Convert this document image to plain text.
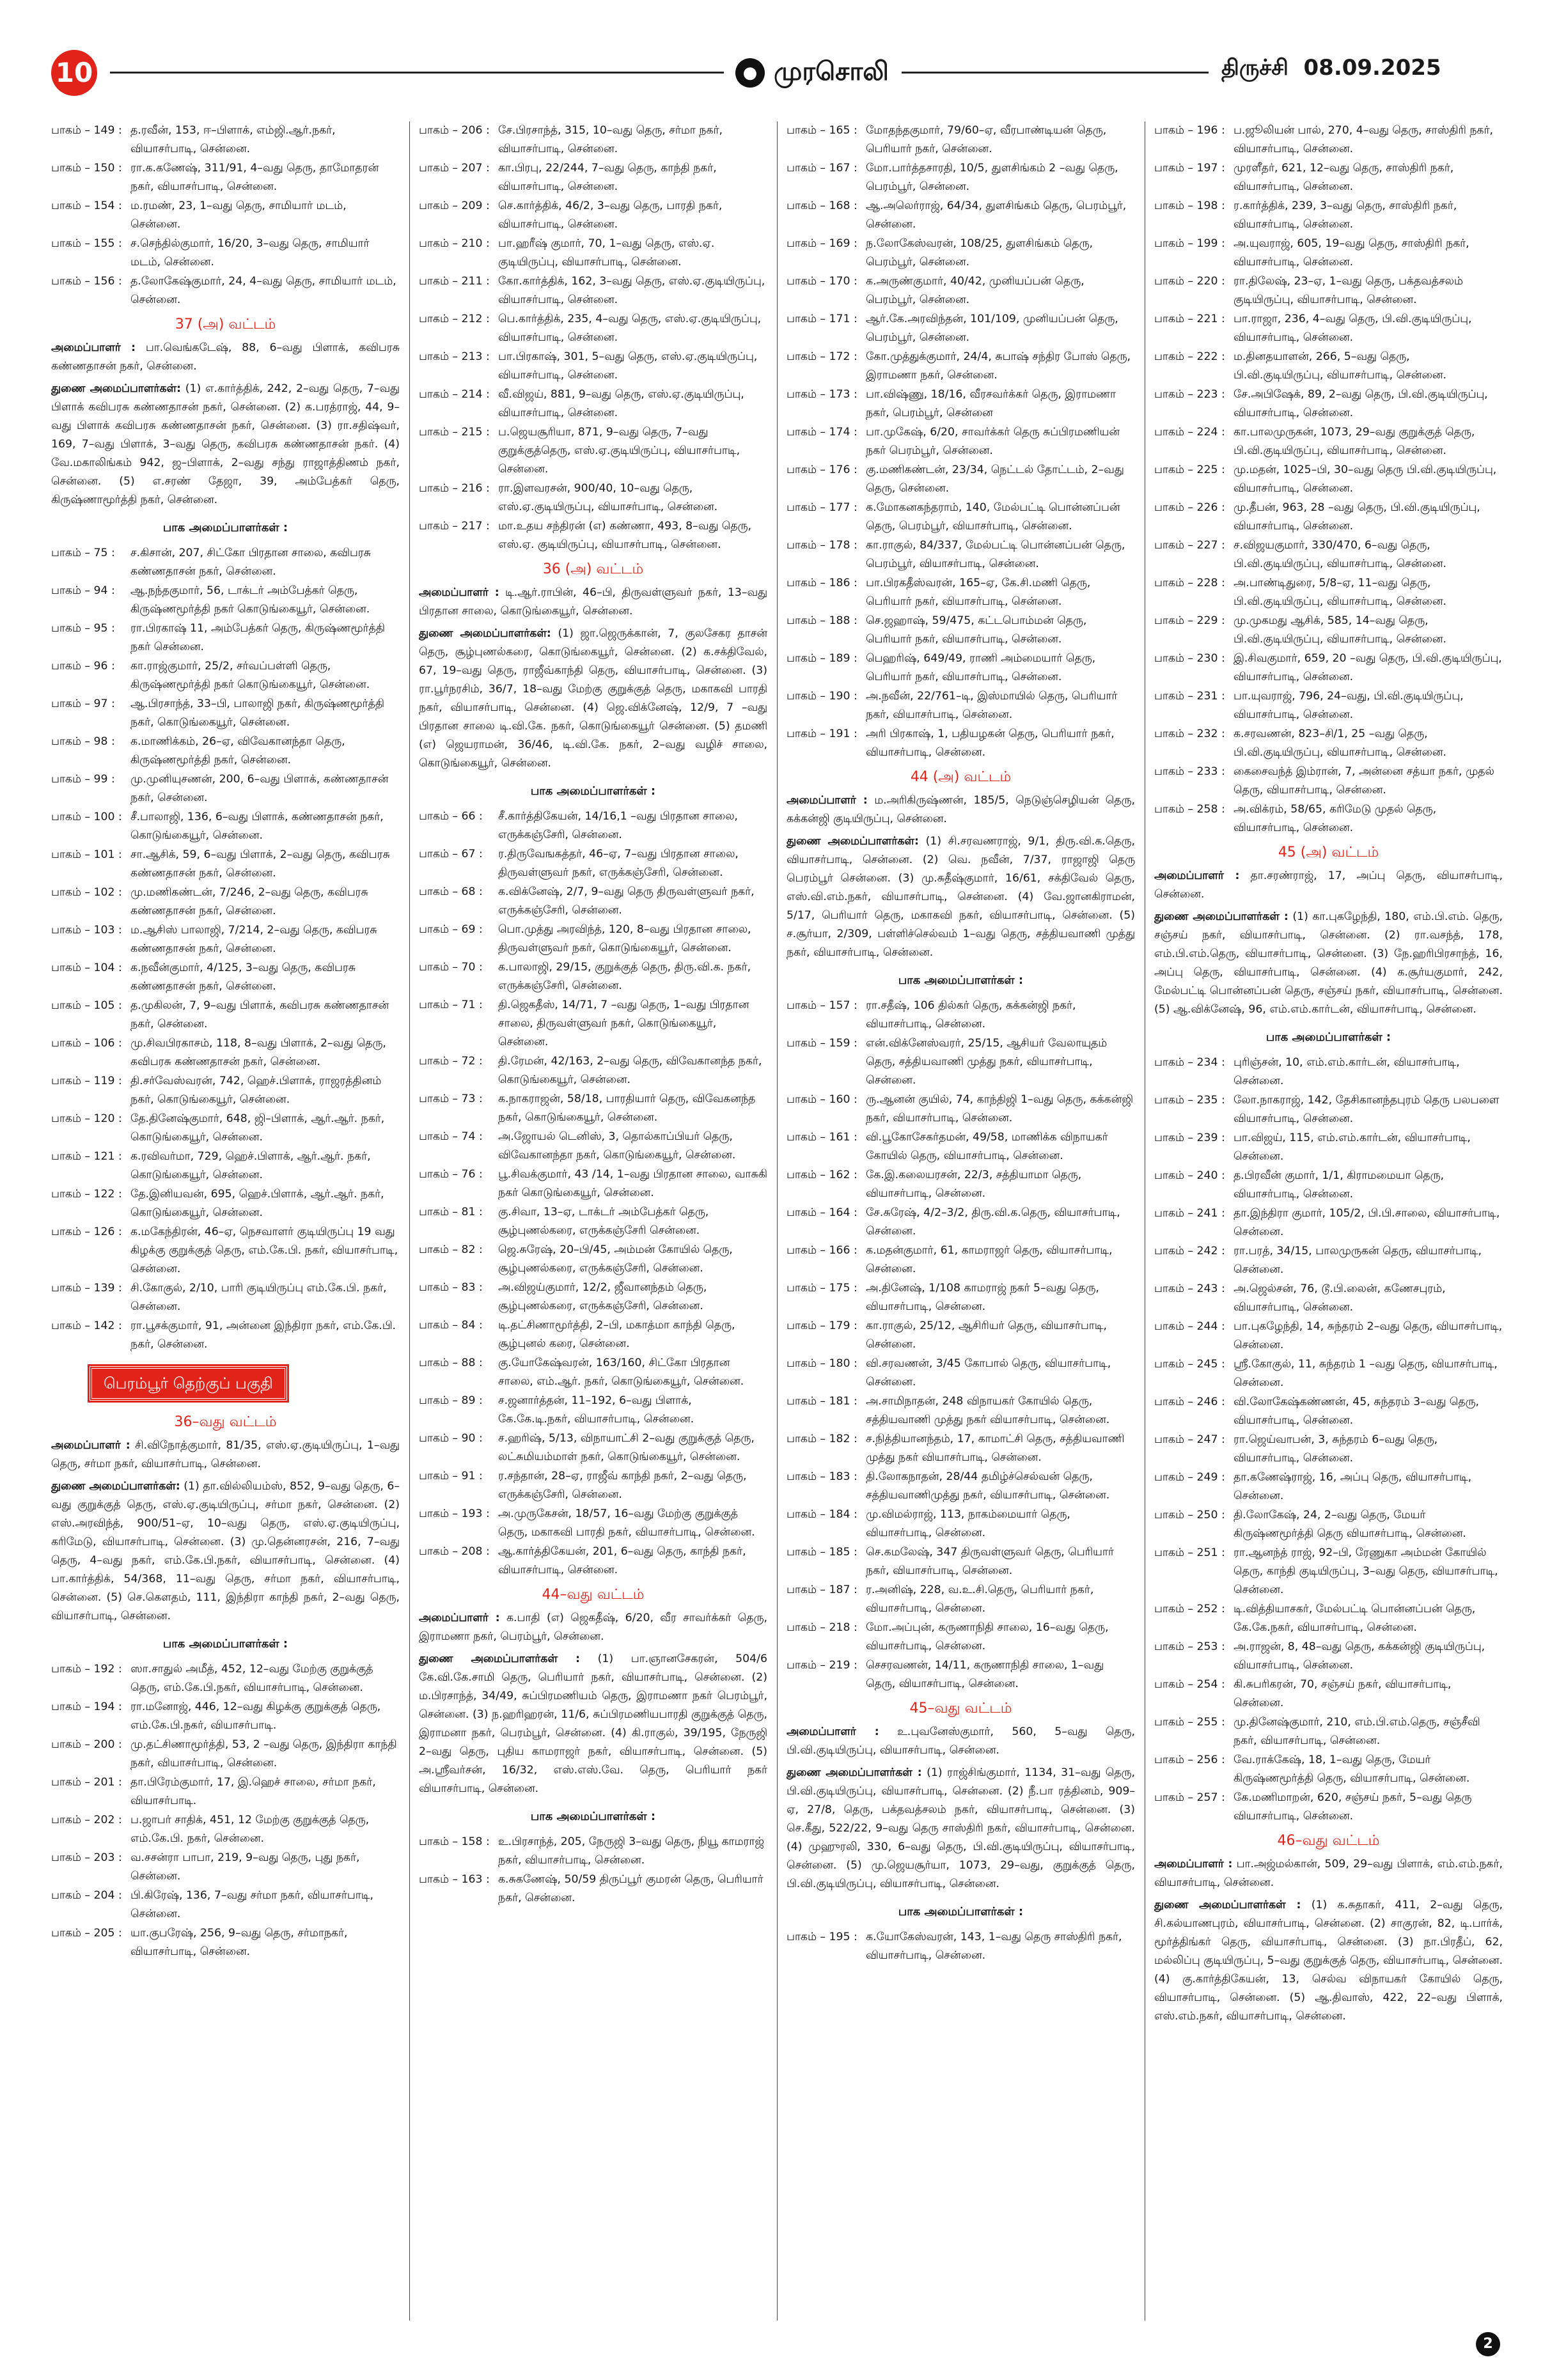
10	● முரசொலி	திருச்சி 08.09.2025
பாகம் – 149 : த.ரவீன், 153, ஈ–பிளாக், எம்ஜி.ஆர்.நகர், வியாசர்பாடி, சென்னை.
பாகம் – 150 : ரா.க.கணேஷ், 311/91, 4–வது தெரு, தாமோதரன் நகர், வியாசர்பாடி, சென்னை.
பாகம் – 154 : ம.ரமண், 23, 1–வது தெரு, சாமியார் மடம், சென்னை.
பாகம் – 155 : ச.செந்தில்குமார், 16/20, 3–வது தெரு, சாமியார் மடம், சென்னை.
பாகம் – 156 : த.லோகேஷ்குமார், 24, 4–வது தெரு, சாமியார் மடம், சென்னை.
37 (அ) வட்டம்
அமைப்பாளர் : பா.வெங்கடேஷ், 88, 6–வது பிளாக், கவிபரசு கண்ணதாசன் நகர், சென்னை.
துணை அமைப்பாளர்கள்: (1) எ.கார்த்திக், 242, 2–வது தெரு, 7–வது பிளாக் கவிபரசு கண்ணதாசன் நகர், சென்னை. (2) க.பரத்ராஜ், 44, 9–வது பிளாக் கவிபரசு கண்ணதாசன் நகர், சென்னை. (3) ரா.சதிஷ்வர், 169, 7–வது பிளாக், 3–வது தெரு, கவிபரசு கண்ணதாசன் நகர். (4) வே.மகாலிங்கம் 942, ஜ–பிளாக், 2–வது சந்து ராஜாத்திணம் நகர், சென்னை. (5) எ.சரண் தேஜா, 39, அம்பேத்கர் தெரு, கிருஷ்ணாமூர்த்தி நகர், சென்னை.
பாக அமைப்பாளர்கள் :
பாகம் – 75 :	ச.கிசான், 207, சிட்கோ பிரதான சாலை, கவிபரசு கண்ணதாசன் நகர், சென்னை.
பாகம் – 94 :	ஆ.நந்தகுமார், 56, டாக்டர் அம்பேத்கர் தெரு, கிருஷ்ணமூர்த்தி நகர் கொடுங்கையூர், சென்னை.
பாகம் – 95 :	ரா.பிரகாஷ் 11, அம்பேத்கர் தெரு, கிருஷ்ணமூர்த்தி நகர் சென்னை.
பாகம் – 96 :	கா.ராஜ்குமார், 25/2, சர்வப்பள்ளி தெரு, கிருஷ்ணமூர்த்தி நகர் கொடுங்கையூர், சென்னை.
பாகம் – 97 :	ஆ.பிரசாந்த், 33–பி, பாலாஜி நகர், கிருஷ்ணமூர்த்தி நகர், கொடுங்கையூர், சென்னை.
பாகம் – 98 :	க.மாணிக்கம், 26–ஏ, விவேகானந்தா தெரு, கிருஷ்ணமூர்த்தி நகர், சென்னை.
பாகம் – 99 :	மு.முனியுசணன், 200, 6–வது பிளாக், கண்ணதாசன் நகர், சென்னை.
பாகம் – 100 : சீ.பாலாஜி, 136, 6–வது பிளாக், கண்ணதாசன் நகர், கொடுங்கையூர், சென்னை.
பாகம் – 101 : சா.ஆசிக், 59, 6–வது பிளாக், 2–வது தெரு, கவிபரசு கண்ணதாசன் நகர், சென்னை.
பாகம் – 102 : மு.மணிகண்டன், 7/246, 2–வது தெரு, கவிபரசு கண்ணதாசன் நகர், சென்னை.
பாகம் – 103 : ம.ஆசிஸ் பாலாஜி, 7/214, 2–வது தெரு, கவிபரசு கண்ணதாசன் நகர், சென்னை.
பாகம் – 104 : க.நவீன்குமார், 4/125, 3–வது தெரு, கவிபரசு கண்ணதாசன் நகர், சென்னை.
பாகம் – 105 : த.முகிலன், 7, 9–வது பிளாக், கவிபரசு கண்ணதாசன் நகர், சென்னை.
பாகம் – 106 : மு.சிவபிரகாசம், 118, 8–வது பிளாக், 2–வது தெரு, கவிபரசு கண்ணதாசன் நகர், சென்னை.
பாகம் – 119 : தி.சர்வேஸ்வரன், 742, ஹெச்.பிளாக், ராஜரத்தினம் நகர், கொடுங்கையூர், சென்னை.
பாகம் – 120 : தே.தினேஷ்குமார், 648, ஜி–பிளாக், ஆர்.ஆர். நகர், கொடுங்கையூர், சென்னை.
பாகம் – 121 : க.ரவிவர்மா, 729, ஹெச்.பிளாக், ஆர்.ஆர். நகர், கொடுங்கையூர், சென்னை.
பாகம் – 122 : தே.இனியவன், 695, ஹெச்.பிளாக், ஆர்.ஆர். நகர், கொடுங்கையூர், சென்னை.
பாகம் – 126 : க.மகேந்திரன், 46–ஏ, நெசவாளர் குடியிருப்பு 19 வது கிழக்கு குறுக்குத் தெரு, எம்.கே.பி. நகர், வியாசர்பாடி, சென்னை.
பாகம் – 139 : சி.கோகுல், 2/10, பாரி குடியிருப்பு எம்.கே.பி. நகர், சென்னை.
பாகம் – 142 : ரா.பூசக்குமார், 91, அன்னை இந்திரா நகர், எம்.கே.பி. நகர், சென்னை.
பெரம்பூர் தெற்குப் பகுதி
36–வது வட்டம்
அமைப்பாளர் : சி.விநோத்குமார், 81/35, எஸ்.ஏ.குடியிருப்பு, 1–வது தெரு, சர்மா நகர், வியாசர்பாடி, சென்னை.
துணை அமைப்பாளர்கள்: (1) தா.வில்லியம்ஸ், 852, 9–வது தெரு, 6–வது குறுக்குத் தெரு, எஸ்.ஏ.குடியிருப்பு, சர்மா நகர், சென்னை. (2) எஸ்.அரவிந்த், 900/51–ஏ, 10–வது தெரு, எஸ்.ஏ.குடியிருப்பு, கரிமேடு, வியாசர்பாடி, சென்னை. (3) மு.தென்னரசன், 216, 7–வது தெரு, 4–வது நகர், எம்.கே.பி.நகர், வியாசர்பாடி, சென்னை. (4) பா.கார்த்திக், 54/368, 11–வது தெரு, சர்மா நகர், வியாசர்பாடி, சென்னை. (5) செ.கௌதம், 111, இந்திரா காந்தி நகர், 2–வது தெரு, வியாசர்பாடி, சென்னை.
பாக அமைப்பாளர்கள் :
பாகம் – 192 : ஸா.சாதுல் அமீத், 452, 12–வது மேற்கு குறுக்குத் தெரு, எம்.கே.பி.நகர், வியாசர்பாடி, சென்னை.
பாகம் – 194 : ரா.மனோஜ், 446, 12–வது கிழக்கு குறுக்குத் தெரு, எம்.கே.பி.நகர், வியாசர்பாடி.
பாகம் – 200 : மு.தட்சிணாமூர்த்தி, 53, 2 –வது தெரு, இந்திரா காந்தி நகர், வியாசர்பாடி, சென்னை.
பாகம் – 201 : தா.பிரேம்குமார், 17, இ.ஹெச் சாலை, சர்மா நகர், வியாசர்பாடி.
பாகம் – 202 : ப.ஜாபர் சாதிக், 451, 12 மேற்கு குறுக்குத் தெரு, எம்.கே.பி. நகர், சென்னை.
பாகம் – 203 : வ.சசன்ரா பாபா, 219, 9–வது தெரு, புது நகர், சென்னை.
பாகம் – 204 : பி.கிரேஷ், 136, 7–வது சர்மா நகர், வியாசர்பாடி, சென்னை.
பாகம் – 205 : யா.குபரேஷ், 256, 9–வது தெரு, சர்மாநகர், வியாசர்பாடி, சென்னை.
பாகம் – 206 : சே.பிரசாந்த், 315, 10–வது தெரு, சர்மா நகர், வியாசர்பாடி, சென்னை.
பாகம் – 207 : கா.பிரபு, 22/244, 7–வது தெரு, காந்தி நகர், வியாசர்பாடி, சென்னை.
பாகம் – 209 : செ.கார்த்திக், 46/2, 3–வது தெரு, பாரதி நகர், வியாசர்பாடி, சென்னை.
பாகம் – 210 : பா.ஹரீஷ் குமார், 70, 1–வது தெரு, எஸ்.ஏ. குடியிருப்பு, வியாசர்பாடி, சென்னை.
பாகம் – 211 : கோ.கார்த்திக், 162, 3–வது தெரு, எஸ்.ஏ.குடியிருப்பு, வியாசர்பாடி, சென்னை.
பாகம் – 212 : பெ.கார்த்திக், 235, 4–வது தெரு, எஸ்.ஏ.குடியிருப்பு, வியாசர்பாடி, சென்னை.
பாகம் – 213 : பா.பிரகாஷ், 301, 5–வது தெரு, எஸ்.ஏ.குடியிருப்பு, வியாசர்பாடி, சென்னை.
பாகம் – 214 : வீ.விஜய், 881, 9–வது தெரு, எஸ்.ஏ.குடியிருப்பு, வியாசர்பாடி, சென்னை.
பாகம் – 215 : ப.ஜெயசூரியா, 871, 9–வது தெரு, 7–வது குறுக்குத்தெரு, எஸ்.ஏ.குடியிருப்பு, வியாசர்பாடி, சென்னை.
பாகம் – 216 : ரா.இளவரசன், 900/40, 10–வது தெரு, எஸ்.ஏ.குடியிருப்பு, வியாசர்பாடி, சென்னை.
பாகம் – 217 : மா.உதய சந்திரன் (எ) கண்ணா, 493, 8–வது தெரு, எஸ்.ஏ. குடியிருப்பு, வியாசர்பாடி, சென்னை.
36 (அ) வட்டம்
அமைப்பாளர் : டி.ஆர்.ராபின், 46–பி, திருவள்ளுவர் நகர், 13–வது பிரதான சாலை, கொடுங்கையூர், சென்னை.
துணை அமைப்பாளர்கள்: (1) ஜா.ஜெருக்கான், 7, குலசேகர தாசன் தெரு, சூழ்புணல்கரை, கொடுங்கையூர், சென்னை. (2) க.சக்திவேல், 67, 19–வது தெரு, ராஜீவ்காந்தி தெரு, வியாசர்பாடி, சென்னை. (3) ரா.பூர்நரசிம், 36/7, 18–வது மேற்கு குறுக்குத் தெரு, மகாகவி பாரதி நகர், வியாசர்பாடி, சென்னை. (4) ஜெ.விக்னேஷ், 12/9, 7 –வது பிரதான சாலை டி.வி.கே. நகர், கொடுங்கையூர் சென்னை. (5) தமணி (எ) ஜெயராமன், 36/46, டி.வி.கே. நகர், 2–வது வழிச் சாலை, கொடுங்கையூர், சென்னை.
பாக அமைப்பாளர்கள் :
பாகம் – 66 :	சீ.கார்த்திகேயன், 14/16,1 –வது பிரதான சாலை, எருக்கஞ்சேரி, சென்னை.
பாகம் – 67 :	ர.திருவேஙகத்தர், 46–ஏ, 7–வது பிரதான சாலை, திருவள்ளுவர் நகர், எருக்கஞ்சேரி, சென்னை.
பாகம் – 68 :	க.விக்னேஷ், 2/7, 9–வது தெரு திருவள்ளுவர் நகர், எருக்கஞ்சேரி, சென்னை.
பாகம் – 69 :	பொ.முத்து அரவிந்த், 120, 8–வது பிரதான சாலை, திருவள்ளுவர் நகர், கொடுங்கையூர், சென்னை.
பாகம் – 70 :	க.பாலாஜி, 29/15, குறுக்குத் தெரு, திரு.வி.க. நகர், எருக்கஞ்சேரி, சென்னை.
பாகம் – 71 :	தி.ஜெகதீஸ், 14/71, 7 –வது தெரு, 1–வது பிரதான சாலை, திருவள்ளுவர் நகர், கொடுங்கையூர், சென்னை.
பாகம் – 72 :	தி.ரேமன், 42/163, 2–வது தெரு, விவேகானந்த நகர், கொடுங்கையூர், சென்னை.
பாகம் – 73 :	க.நாகராஜன், 58/18, பாரதியார் தெரு, விவேகனந்த நகர், கொடுங்கையூர், சென்னை.
பாகம் – 74 :	அ.ஜோயல் டெனிஸ், 3, தொல்காப்பியர் தெரு, விவேகானந்தா நகர், கொடுங்கையூர், சென்னை.
பாகம் – 76 :	பூ.சிவக்குமார், 43 /14, 1–வது பிரதான சாலை, வாசுகி நகர் கொடுங்கையூர், சென்னை.
பாகம் – 81 :	கு.சிவா, 13–ஏ, டாக்டர் அம்பேத்கர் தெரு, சூழ்புணல்கரை, எருக்கஞ்சேரி சென்னை.
பாகம் – 82 :	ஜெ.சுரேஷ், 20–பி/45, அம்மன் கோயில் தெரு, சூழ்புணல்கரை, எருக்கஞ்சேரி, சென்னை.
பாகம் – 83 :	அ.விஜய்குமார், 12/2, ஜீவானந்தம் தெரு, சூழ்புணல்கரை, எருக்கஞ்சேரி, சென்னை.
பாகம் – 84 :	டி.தட்சிணாமூர்த்தி, 2–பி, மகாத்மா காந்தி தெரு, சூழ்புனல் கரை, சென்னை.
பாகம் – 88 :	கு.யோகேஷ்வரன், 163/160, சிட்கோ பிரதான சாலை, எம்.ஆர். நகர், கொடுங்கையூர், சென்னை.
பாகம் – 89 :	ச.ஜனார்த்தன், 11–192, 6–வது பிளாக், கே.கே.டி.நகர், வியாசர்பாடி, சென்னை.
பாகம் – 90 :	ச.ஹரிஷ், 5/13, விநாயாட்சி 2–வது குறுக்குத் தெரு, லட்சுமியம்மாள் நகர், கொடுங்கையூர், சென்னை.
பாகம் – 91 :	ர.சந்தான், 28–ஏ, ராஜீவ் காந்தி நகர், 2–வது தெரு, எருக்கஞ்சேரி, சென்னை.
பாகம் – 193 : அ.முருகேசன், 18/57, 16–வது மேற்கு குறுக்குத் தெரு, மகாகவி பாரதி நகர், வியாசர்பாடி, சென்னை.
பாகம் – 208 : ஆ.கார்த்திகேயன், 201, 6–வது தெரு, காந்தி நகர், வியாசர்பாடி, சென்னை.
44–வது வட்டம்
அமைப்பாளர் : க.பாதி (எ) ஜெகதீஷ், 6/20, வீர சாவர்க்கர் தெரு, இராமணா நகர், பெரம்பூர், சென்னை.
துணை அமைப்பாளர்கள் : (1) பா.ஞானசேகரன், 504/6 கே.வி.கே.சாமி தெரு, பெரியார் நகர், வியாசர்பாடி, சென்னை. (2) ம.பிரசாந்த், 34/49, சுப்பிரமணியம் தெரு, இராமணா நகர் பெரம்பூர், சென்னை. (3) ந.ஹரிஹரன், 11/6, சுப்பிரமணியபாரதி குறுக்குத் தெரு, இராமனா நகர், பெரம்பூர், சென்னை. (4) கி.ராகுல், 39/195, நேருஜி 2–வது தெரு, புதிய காமராஜர் நகர், வியாசர்பாடி, சென்னை. (5) அ.ஸ்ரீவர்சன், 16/32, எஸ்.எஸ்.வே. தெரு, பெரியார் நகர் வியாசர்பாடி, சென்னை.
பாக அமைப்பாளர்கள் :
பாகம் – 158 : உ.பிரசாந்த், 205, நேருஜி 3–வது தெரு, நியூ காமராஜ் நகர், வியாசர்பாடி, சென்னை.
பாகம் – 163 : க.சுகணேஷ், 50/59 திருப்பூர் குமரன் தெரு, பெரியார் நகர், சென்னை.
பாகம் – 165 : மோதந்தகுமார், 79/60–ஏ, வீரபாண்டியன் தெரு, பெரியார் நகர், சென்னை.
பாகம் – 167 : மோ.பார்த்தசாரதி, 10/5, துளசிங்கம் 2 –வது தெரு, பெரம்பூர், சென்னை.
பாகம் – 168 : ஆ.அலெர்ராஜ், 64/34, துளசிங்கம் தெரு, பெரம்பூர், சென்னை.
பாகம் – 169 : ந.லோகேஸ்வரன், 108/25, துளசிங்கம் தெரு, பெரம்பூர், சென்னை.
பாகம் – 170 : க.அருண்குமார், 40/42, முனியப்பன் தெரு, பெரம்பூர், சென்னை.
பாகம் – 171 : ஆர்.கே.அரவிந்தன், 101/109, முனியப்பன் தெரு, பெரம்பூர், சென்னை.
பாகம் – 172 : கோ.முத்துக்குமார், 24/4, சுபாஷ் சந்திர போஸ் தெரு, இராமணா நகர், சென்னை.
பாகம் – 173 : பா.விஷ்ணு, 18/16, வீரசவர்க்கர் தெரு, இராமணா நகர், பெரம்பூர், சென்னை
பாகம் – 174 : பா.முகேஷ், 6/20, சாவர்க்கர் தெரு சுப்பிரமணியன் நகர் பெரம்பூர், சென்னை.
பாகம் – 176 : கு.மணிகண்டன், 23/34, நெட்டல் தோட்டம், 2–வது தெரு, சென்னை.
பாகம் – 177 : க.மோகனகந்தராம், 140, மேல்பட்டி பொன்னப்பன் தெரு, பெரம்பூர், வியாசர்பாடி, சென்னை.
பாகம் – 178 : கா.ராகுல், 84/337, மேல்பட்டி பொன்னப்பன் தெரு, பெரம்பூர், வியாசர்பாடி, சென்னை.
பாகம் – 186 : பா.பிரகதீஸ்வரன், 165–ஏ, கே.சி.மணி தெரு, பெரியார் நகர், வியாசர்பாடி, சென்னை.
பாகம் – 188 : செ.ஜஹாஷ், 59/475, கட்டபொம்மன் தெரு, பெரியார் நகர், வியாசர்பாடி, சென்னை.
பாகம் – 189 : பெஹரிஷ், 649/49, ராணி அம்மையார் தெரு, பெரியார் நகர், வியாசர்பாடி, சென்னை.
பாகம் – 190 : அ.நவீன், 22/761–டி, இஸ்மாயில் தெரு, பெரியார் நகர், வியாசர்பாடி, சென்னை.
பாகம் – 191 : அரி பிரகாஷ், 1, பதியழகன் தெரு, பெரியார் நகர், வியாசர்பாடி, சென்னை.
44 (அ) வட்டம்
அமைப்பாளர் : ம.அரிகிருஷ்ணன், 185/5, நெடுஞ்செழியன் தெரு, கக்கன்ஜி குடியிருப்பு, சென்னை.
துணை அமைப்பாளர்கள்: (1) சி.சரவணராஜ், 9/1, திரு.வி.க.தெரு, வியாசர்பாடி, சென்னை. (2) வெ. நவீன், 7/37, ராஜாஜி தெரு பெரம்பூர் சென்னை. (3) மு.சுதீஷ்குமார், 16/61, சக்திவேல் தெரு, எஸ்.வி.எம்.நகர், வியாசர்பாடி, சென்னை. (4) வே.ஜானகிராமன், 5/17, பெரியார் தெரு, மகாகவி நகர், வியாசர்பாடி, சென்னை. (5) ச.சூர்யா, 2/309, பள்ளிச்செல்வம் 1–வது தெரு, சத்தியவாணி முத்து நகர், வியாசர்பாடி, சென்னை.
பாக அமைப்பாளர்கள் :
பாகம் – 157 : ரா.சதீஷ், 106 தில்கர் தெரு, கக்கன்ஜி நகர், வியாசர்பாடி, சென்னை.
பாகம் – 159 : என்.விக்னேஸ்வரர், 25/15, ஆசியர் வேலாயுதம் தெரு, சத்தியவாணி முத்து நகர், வியாசர்பாடி, சென்னை.
பாகம் – 160 : ரு.ஆனன் குயில், 74, காந்திஜி 1–வது தெரு, கக்கன்ஜி நகர், வியாசர்பாடி, சென்னை.
பாகம் – 161 : வி.பூகோசேகர்தமன், 49/58, மாணிக்க விநாயகர் கோயில் தெரு, வியாசர்பாடி, சென்னை.
பாகம் – 162 : கே.இ.கலையரசன், 22/3, சத்தியாமா தெரு, வியாசர்பாடி, சென்னை.
பாகம் – 164 : சே.சுரேஷ், 4/2–3/2, திரு.வி.க.தெரு, வியாசர்பாடி, சென்னை.
பாகம் – 166 : க.மதன்குமார், 61, காமராஜர் தெரு, வியாசர்பாடி, சென்னை.
பாகம் – 175 : அ.தினேஷ், 1/108 காமராஜ் நகர் 5–வது தெரு, வியாசர்பாடி, சென்னை.
பாகம் – 179 : கா.ராகுல், 25/12, ஆசிரியர் தெரு, வியாசர்பாடி, சென்னை.
பாகம் – 180 : வி.சரவணன், 3/45 கோபால் தெரு, வியாசர்பாடி, சென்னை.
பாகம் – 181 : அ.சாமிநாதன், 248 விநாயகர் கோயில் தெரு, சத்தியவாணி முத்து நகர் வியாசர்பாடி, சென்னை.
பாகம் – 182 : ச.நித்தியானந்தம், 17, காமாட்சி தெரு, சத்தியவாணி முத்து நகர் வியாசர்பாடி, சென்னை.
பாகம் – 183 : தி.லோகநாதன், 28/44 தமிழ்ச்செல்வன் தெரு, சத்தியவாணிமுத்து நகர், வியாசர்பாடி, சென்னை.
பாகம் – 184 : மு.விமல்ராஜ், 113, நாகம்மையார் தெரு, வியாசர்பாடி, சென்னை.
பாகம் – 185 : செ.கமலேஷ், 347 திருவள்ளுவர் தெரு, பெரியார் நகர், வியாசர்பாடி, சென்னை.
பாகம் – 187 : ர.அனிஷ், 228, வ.உ.சி.தெரு, பெரியார் நகர், வியாசர்பாடி, சென்னை.
பாகம் – 218 : மோ.அப்புன், கருணாநிதி சாலை, 16–வது தெரு, வியாசர்பாடி, சென்னை.
பாகம் – 219 : செசரவணன், 14/11, கருணாநிதி சாலை, 1–வது தெரு, வியாசர்பாடி, சென்னை.
45–வது வட்டம்
அமைப்பாளர் : உ.புவனேஸ்குமார், 560, 5–வது தெரு, பி.வி.குடியிருப்பு, வியாசர்பாடி, சென்னை.
துணை அமைப்பாளர்கள் : (1) ராஜ்சிங்குமார், 1134, 31–வது தெரு, பி.வி.குடியிருப்பு, வியாசர்பாடி, சென்னை. (2) நீ.பா ரத்தினம், 909–ஏ, 27/8, தெரு, பக்தவத்சலம் நகர், வியாசர்பாடி, சென்னை. (3) செ.கீது, 522/22, 9–வது தெரு சாஸ்திரி நகர், வியாசர்பாடி, சென்னை. (4) முஹுரலி, 330, 6–வது தெரு, பி.வி.குடியிருப்பு, வியாசர்பாடி, சென்னை. (5) மு.ஜெயசூர்யா, 1073, 29–வது, குறுக்குத் தெரு, பி.வி.குடியிருப்பு, வியாசர்பாடி, சென்னை.
பாக அமைப்பாளர்கள் :
பாகம் – 195 : க.யோகேஸ்வரன், 143, 1–வது தெரு சாஸ்திரி நகர், வியாசர்பாடி, சென்னை.
பாகம் – 196 : ப.ஜூலியன் பால், 270, 4–வது தெரு, சாஸ்திரி நகர், வியாசர்பாடி, சென்னை.
பாகம் – 197 : முரளீதர், 621, 12–வது தெரு, சாஸ்திரி நகர், வியாசர்பாடி, சென்னை.
பாகம் – 198 : ர.கார்த்திக், 239, 3–வது தெரு, சாஸ்திரி நகர், வியாசர்பாடி, சென்னை.
பாகம் – 199 : அ.யுவராஜ், 605, 19–வது தெரு, சாஸ்திரி நகர், வியாசர்பாடி, சென்னை.
பாகம் – 220 : ரா.திலேஷ், 23–ஏ, 1–வது தெரு, பக்தவத்சலம் குடியிருப்பு, வியாசர்பாடி, சென்னை.
பாகம் – 221 : பா.ராஜா, 236, 4–வது தெரு, பி.வி.குடியிருப்பு, வியாசர்பாடி, சென்னை.
பாகம் – 222 : ம.தினதயாளன், 266, 5–வது தெரு, பி.வி.குடியிருப்பு, வியாசர்பாடி, சென்னை.
பாகம் – 223 : சே.அபிஷேக், 89, 2–வது தெரு, பி.வி.குடியிருப்பு, வியாசர்பாடி, சென்னை.
பாகம் – 224 : கா.பாலமுருகன், 1073, 29–வது குறுக்குத் தெரு, பி.வி.குடியிருப்பு, வியாசர்பாடி, சென்னை.
பாகம் – 225 : மு.மதன், 1025–பி, 30–வது தெரு பி.வி.குடியிருப்பு, வியாசர்பாடி, சென்னை.
பாகம் – 226 : மு.தீபன், 963, 28 –வது தெரு, பி.வி.குடியிருப்பு, வியாசர்பாடி, சென்னை.
பாகம் – 227 : ச.விஜயகுமார், 330/470, 6–வது தெரு, பி.வி.குடியிருப்பு, வியாசர்பாடி, சென்னை.
பாகம் – 228 : அ.பாண்டிதுரை, 5/8–ஏ, 11–வது தெரு, பி.வி.குடியிருப்பு, வியாசர்பாடி, சென்னை.
பாகம் – 229 : மு.முகமது ஆசிக், 585, 14–வது தெரு, பி.வி.குடியிருப்பு, வியாசர்பாடி, சென்னை.
பாகம் – 230 : இ.சிவகுமார், 659, 20 –வது தெரு, பி.வி.குடியிருப்பு, வியாசர்பாடி, சென்னை.
பாகம் – 231 : பா.யுவராஜ், 796, 24–வது, பி.வி.குடியிருப்பு, வியாசர்பாடி, சென்னை.
பாகம் – 232 : க.சரவணன், 823–சி/1, 25 –வது தெரு, பி.வி.குடியிருப்பு, வியாசர்பாடி, சென்னை.
பாகம் – 233 : கைசைவந்த் இம்ரான், 7, அன்னை சத்யா நகர், முதல் தெரு, வியாசர்பாடி, சென்னை.
பாகம் – 258 : அ.விக்ரம், 58/65, கரிமேடு முதல் தெரு, வியாசர்பாடி, சென்னை.
45 (அ) வட்டம்
அமைப்பாளர் : தா.சரண்ராஜ், 17, அப்பு தெரு, வியாசர்பாடி, சென்னை.
துணை அமைப்பாளர்கள் : (1) கா.புகழேந்தி, 180, எம்.பி.எம். தெரு, சஞ்சய் நகர், வியாசர்பாடி, சென்னை. (2) ரா.வசந்த், 178, எம்.பி.எம்.தெரு, வியாசர்பாடி, சென்னை. (3) நே.ஹரிபிரசாந்த், 16, அப்பு தெரு, வியாசர்பாடி, சென்னை. (4) க.சூர்யகுமார், 242, மேல்பட்டி பொன்னப்பன் தெரு, சஞ்சய் நகர், வியாசர்பாடி, சென்னை. (5) ஆ.விக்னேஷ், 96, எம்.எம்.கார்டன், வியாசர்பாடி, சென்னை.
பாக அமைப்பாளர்கள் :
பாகம் – 234 : புரிஞ்சன், 10, எம்.எம்.கார்டன், வியாசர்பாடி, சென்னை.
பாகம் – 235 : லோ.நாகராஜ், 142, தேசிகானந்தபுரம் தெரு பலபளை வியாசர்பாடி, சென்னை.
பாகம் – 239 : பா.விஜய், 115, எம்.எம்.கார்டன், வியாசர்பாடி, சென்னை.
பாகம் – 240 : த.பிரவீன் குமார், 1/1, கிராமமையா தெரு, வியாசர்பாடி, சென்னை.
பாகம் – 241 : தா.இந்திரா குமார், 105/2, பி.பி.சாலை, வியாசர்பாடி, சென்னை.
பாகம் – 242 : ரா.பரத், 34/15, பாலமுருகன் தெரு, வியாசர்பாடி, சென்னை.
பாகம் – 243 : அ.ஜெல்சன், 76, டூ.பி.லைன், கணேசபுரம், வியாசர்பாடி, சென்னை.
பாகம் – 244 : பா.புகழேந்தி, 14, சுந்தரம் 2–வது தெரு, வியாசர்பாடி, சென்னை.
பாகம் – 245 : ஸ்ரீ.கோகுல், 11, சுந்தரம் 1 –வது தெரு, வியாசர்பாடி, சென்னை.
பாகம் – 246 : வி.லோகேஷ்கண்ணன், 45, சுந்தரம் 3–வது தெரு, வியாசர்பாடி, சென்னை.
பாகம் – 247 : ரா.ஜெய்வாபன், 3, சுந்தரம் 6–வது தெரு, வியாசர்பாடி, சென்னை.
பாகம் – 249 : தா.கணேஷ்ராஜ், 16, அப்பு தெரு, வியாசர்பாடி, சென்னை.
பாகம் – 250 : தி.லோகேஷ், 24, 2–வது தெரு, மேயர் கிருஷ்ணமூர்த்தி தெரு வியாசர்பாடி, சென்னை.
பாகம் – 251 : ரா.ஆனந்த் ராஜ், 92–பி, ரேணுகா அம்மன் கோயில் தெரு, காந்தி குடியிருப்பு, 3–வது தெரு, வியாசர்பாடி, சென்னை.
பாகம் – 252 : டி.வித்தியாசகர், மேல்பட்டி பொன்னப்பன் தெரு, கே.கே.நகர், வியாசர்பாடி, சென்னை.
பாகம் – 253 : அ.ராஜன், 8, 48–வது தெரு, கக்கன்ஜி குடியிருப்பு, வியாசர்பாடி, சென்னை.
பாகம் – 254 : கி.சுபரிகரன், 70, சஞ்சய் நகர், வியாசர்பாடி, சென்னை.
பாகம் – 255 : மு.தினேஷ்குமார், 210, எம்.பி.எம்.தெரு, சஞ்சீவி நகர், வியாசர்பாடி, சென்னை.
பாகம் – 256 : வே.ராக்கேஷ், 18, 1–வது தெரு, மேயர் கிருஷ்ணமூர்த்தி தெரு, வியாசர்பாடி, சென்னை.
பாகம் – 257 : கே.மணிமாறன், 620, சஞ்சய் நகர், 5–வது தெரு வியாசர்பாடி, சென்னை.
46–வது வட்டம்
அமைப்பாளர் : பா.அஜ்மல்கான், 509, 29–வது பிளாக், எம்.எம்.நகர், வியாசர்பாடி, சென்னை.
துணை அமைப்பாளர்கள் : (1) க.சுதாகர், 411, 2–வது தெரு, சி.கல்யாணபுரம், வியாசர்பாடி, சென்னை. (2) சாகுரன், 82, டி.பார்க், மூர்த்திங்கர் தெரு, வியாசர்பாடி, சென்னை. (3) நா.பிரதீப், 62, மல்லிப்பு குடியிருப்பு, 5–வது குறுக்குத் தெரு, வியாசர்பாடி, சென்னை. (4) கு.கார்த்திகேயன், 13, செல்வ விநாயகர் கோயில் தெரு, வியாசர்பாடி, சென்னை. (5) ஆ.திவாஸ், 422, 22–வது பிளாக், எஸ்.எம்.நகர், வியாசர்பாடி, சென்னை.
2
